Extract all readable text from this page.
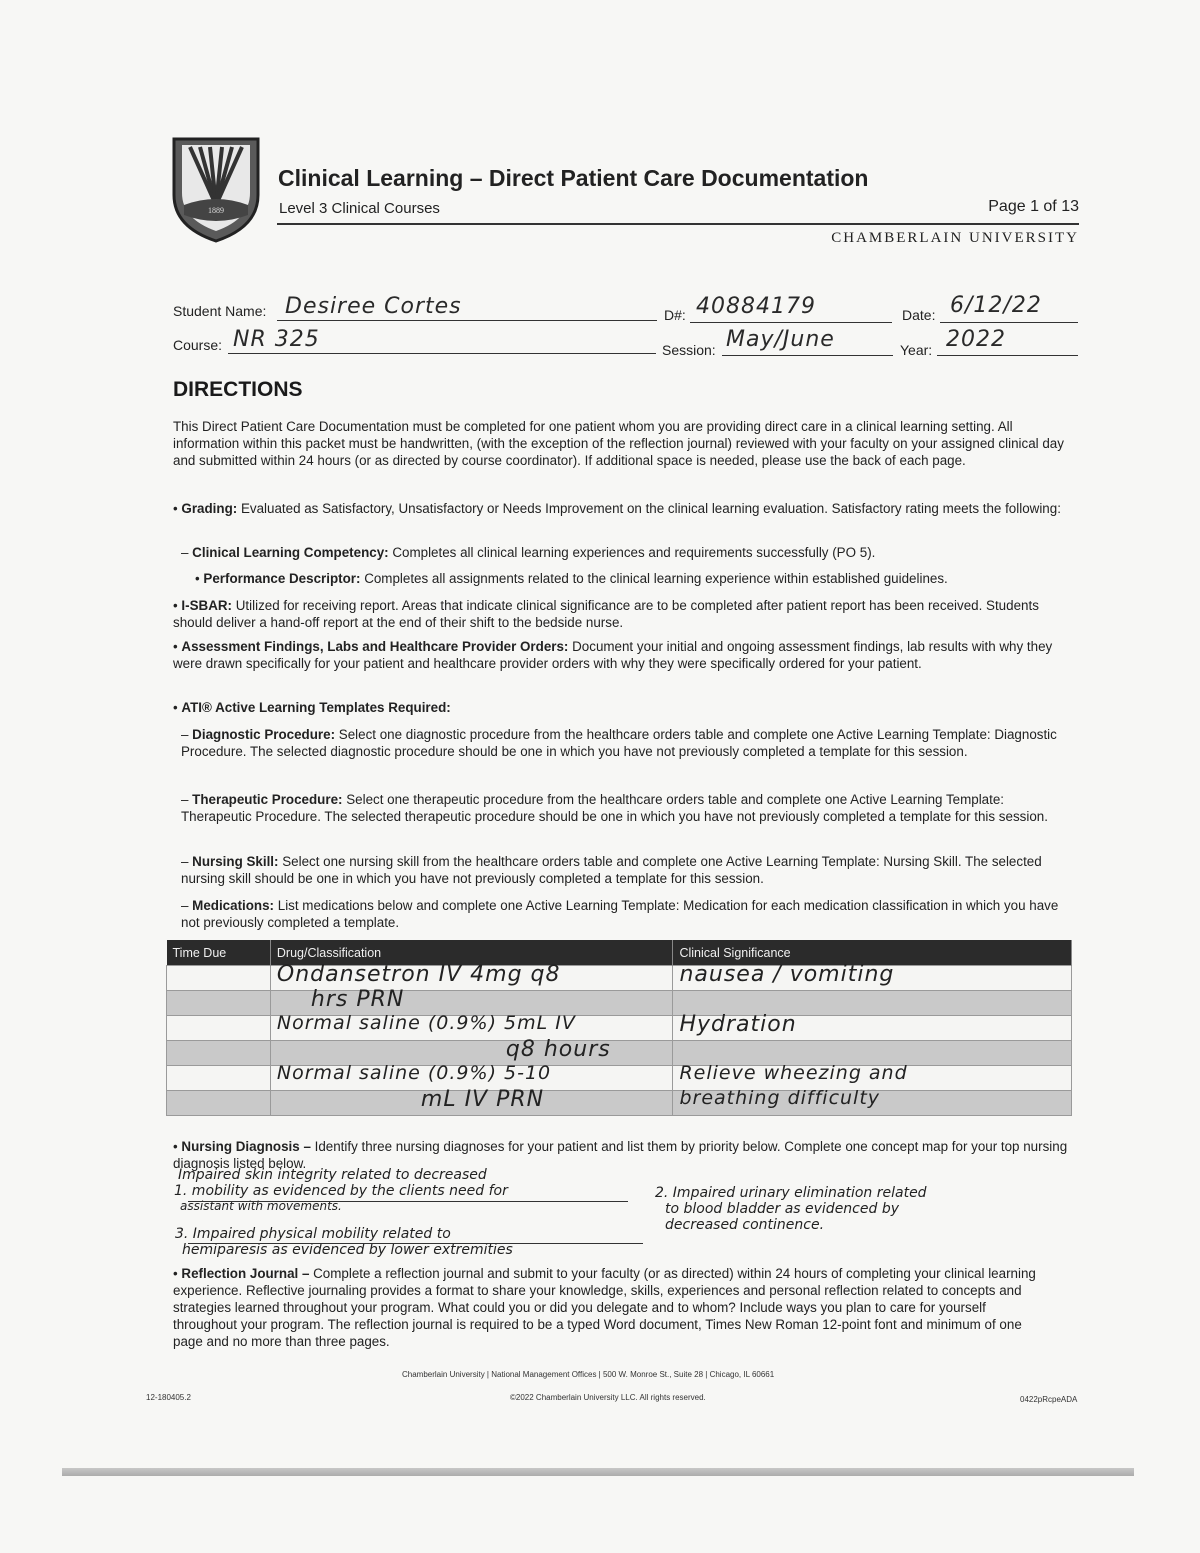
1889
Clinical Learning – Direct Patient Care Documentation
Level 3 Clinical Courses	Page 1 of 13
CHAMBERLAIN UNIVERSITY
Student Name: Desiree Cortes	D#: 40884179	Date: 6/12/22
Course: NR 325	Session: May/June	Year: 2022
DIRECTIONS
This Direct Patient Care Documentation must be completed for one patient whom you are providing direct care in a clinical learning setting. All information within this packet must be handwritten, (with the exception of the reflection journal) reviewed with your faculty on your assigned clinical day and submitted within 24 hours (or as directed by course coordinator). If additional space is needed, please use the back of each page.
• Grading: Evaluated as Satisfactory, Unsatisfactory or Needs Improvement on the clinical learning evaluation. Satisfactory rating meets the following:
– Clinical Learning Competency: Completes all clinical learning experiences and requirements successfully (PO 5).
• Performance Descriptor: Completes all assignments related to the clinical learning experience within established guidelines.
• I-SBAR: Utilized for receiving report. Areas that indicate clinical significance are to be completed after patient report has been received. Students should deliver a hand-off report at the end of their shift to the bedside nurse.
• Assessment Findings, Labs and Healthcare Provider Orders: Document your initial and ongoing assessment findings, lab results with why they were drawn specifically for your patient and healthcare provider orders with why they were specifically ordered for your patient.
• ATI® Active Learning Templates Required:
– Diagnostic Procedure: Select one diagnostic procedure from the healthcare orders table and complete one Active Learning Template: Diagnostic Procedure. The selected diagnostic procedure should be one in which you have not previously completed a template for this session.
– Therapeutic Procedure: Select one therapeutic procedure from the healthcare orders table and complete one Active Learning Template: Therapeutic Procedure. The selected therapeutic procedure should be one in which you have not previously completed a template for this session.
– Nursing Skill: Select one nursing skill from the healthcare orders table and complete one Active Learning Template: Nursing Skill. The selected nursing skill should be one in which you have not previously completed a template for this session.
– Medications: List medications below and complete one Active Learning Template: Medication for each medication classification in which you have not previously completed a template.
Time Due	Drug/Classification	Clinical Significance

	Ondansetron IV 4mg q8	nausea / vomiting

	hrs PRN	

	Normal saline (0.9%) 5mL IV	Hydration

	q8 hours	

	Normal saline (0.9%) 5-10	Relieve wheezing and

	mL IV PRN	breathing difficulty
• Nursing Diagnosis – Identify three nursing diagnoses for your patient and list them by priority below. Complete one concept map for your top nursing diagnosis listed below.
Impaired skin integrity related to decreased
1. mobility as evidenced by the clients need for
assistant with movements.
2. Impaired urinary elimination related
to blood bladder as evidenced by
decreased continence.
3. Impaired physical mobility related to
hemiparesis as evidenced by lower extremities
• Reflection Journal – Complete a reflection journal and submit to your faculty (or as directed) within 24 hours of completing your clinical learning experience. Reflective journaling provides a format to share your knowledge, skills, experiences and personal reflection related to concepts and strategies learned throughout your program. What could you or did you delegate and to whom? Include ways you plan to care for yourself throughout your program. The reflection journal is required to be a typed Word document, Times New Roman 12-point font and minimum of one page and no more than three pages.
Chamberlain University | National Management Offices | 500 W. Monroe St., Suite 28 | Chicago, IL 60661
©2022 Chamberlain University LLC. All rights reserved.
12-180405.2	0422pRcpeADA
